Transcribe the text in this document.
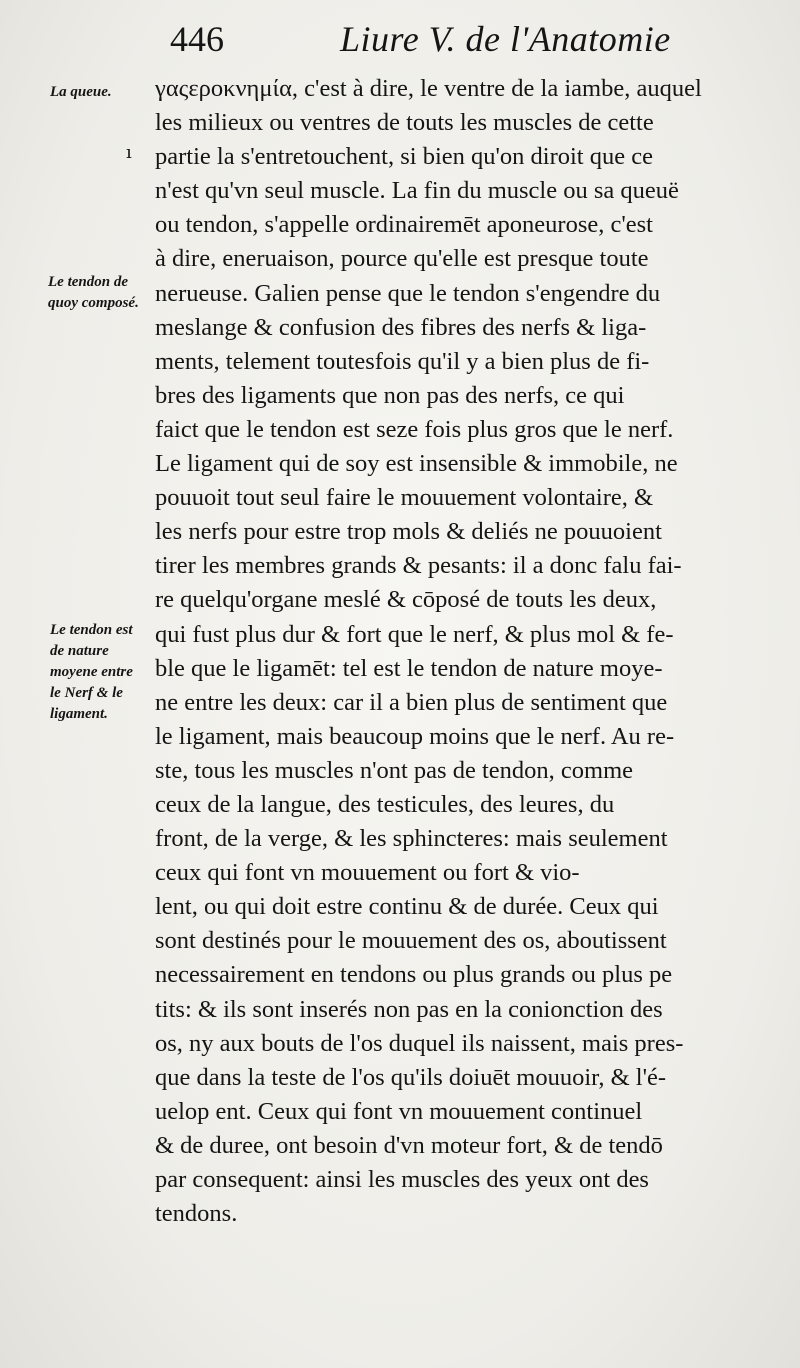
446	Liure V. de l'Anatomie
La queue.
Le tendon de
quoy composé.
Le tendon est
de nature
moyene entre
le Nerf & le
ligament.
ı
γαςεροκνημία, c'est à dire, le ventre de la iambe, auquel
les milieux ou ventres de touts les muscles de cette
partie la s'entretouchent, si bien qu'on diroit que ce
n'est qu'vn seul muscle. La fin du muscle ou sa queuë
ou tendon, s'appelle ordinairemēt aponeurose, c'est
à dire, eneruaison, pource qu'elle est presque toute
nerueuse. Galien pense que le tendon s'engendre du
meslange & confusion des fibres des nerfs & liga-
ments, telement toutesfois qu'il y a bien plus de fi-
bres des ligaments que non pas des nerfs, ce qui
faict que le tendon est seze fois plus gros que le nerf.
Le ligament qui de soy est insensible & immobile, ne
pouuoit tout seul faire le mouuement volontaire, &
les nerfs pour estre trop mols & deliés ne pouuoient
tirer les membres grands & pesants: il a donc falu fai-
re quelqu'organe meslé & cōposé de touts les deux,
qui fust plus dur & fort que le nerf, & plus mol & fe-
ble que le ligamēt: tel est le tendon de nature moye-
ne entre les deux: car il a bien plus de sentiment que
le ligament, mais beaucoup moins que le nerf. Au re-
ste, tous les muscles n'ont pas de tendon, comme
ceux de la langue, des testicules, des leures, du
front, de la verge, & les sphincteres: mais seulement
ceux qui font vn mouuement ou fort & vio-
lent, ou qui doit estre continu & de durée. Ceux qui
sont destinés pour le mouuement des os, aboutissent
necessairement en tendons ou plus grands ou plus pe
tits: & ils sont inserés non pas en la conionction des
os, ny aux bouts de l'os duquel ils naissent, mais pres-
que dans la teste de l'os qu'ils doiuēt mouuoir, & l'é-
uelop ent. Ceux qui font vn mouuement continuel
& de duree, ont besoin d'vn moteur fort, & de tendō
par consequent: ainsi les muscles des yeux ont des
tendons.
